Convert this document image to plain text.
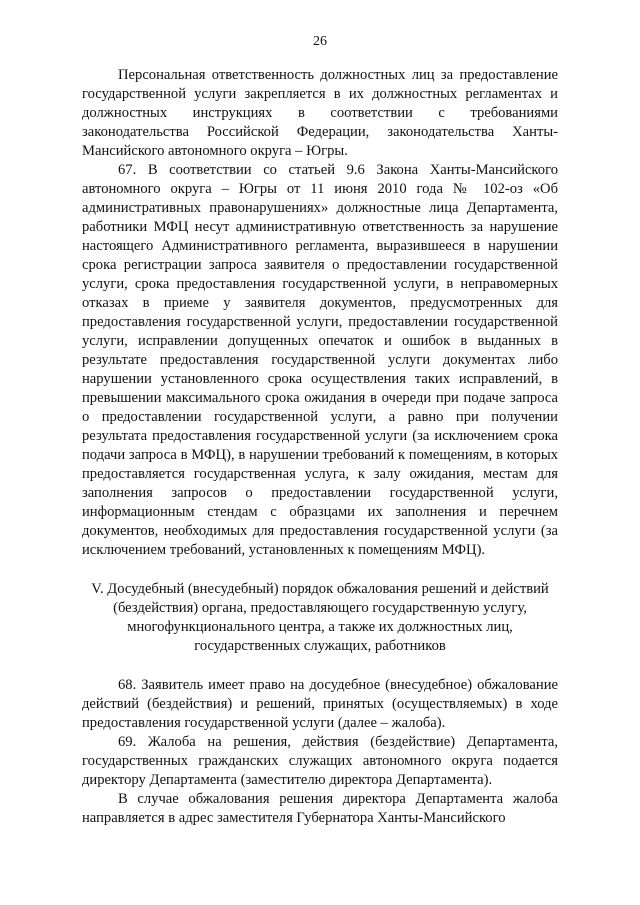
26

Персональная ответственность должностных лиц за предоставление государственной услуги закрепляется в их должностных регламентах и должностных инструкциях в соответствии с требованиями законодательства Российской Федерации, законодательства Ханты-Мансийского автономного округа – Югры.

67. В соответствии со статьей 9.6 Закона Ханты-Мансийского автономного округа – Югры от 11 июня 2010 года № 102-оз «Об административных правонарушениях» должностные лица Департамента, работники МФЦ несут административную ответственность за нарушение настоящего Административного регламента, выразившееся в нарушении срока регистрации запроса заявителя о предоставлении государственной услуги, срока предоставления государственной услуги, в неправомерных отказах в приеме у заявителя документов, предусмотренных для предоставления государственной услуги, предоставлении государственной услуги, исправлении допущенных опечаток и ошибок в выданных в результате предоставления государственной услуги документах либо нарушении установленного срока осуществления таких исправлений, в превышении максимального срока ожидания в очереди при подаче запроса о предоставлении государственной услуги, а равно при получении результата предоставления государственной услуги (за исключением срока подачи запроса в МФЦ), в нарушении требований к помещениям, в которых предоставляется государственная услуга, к залу ожидания, местам для заполнения запросов о предоставлении государственной услуги, информационным стендам с образцами их заполнения и перечнем документов, необходимых для предоставления государственной услуги (за исключением требований, установленных к помещениям МФЦ).

V. Досудебный (внесудебный) порядок обжалования решений и действий (бездействия) органа, предоставляющего государственную услугу, многофункционального центра, а также их должностных лиц, государственных служащих, работников

68. Заявитель имеет право на досудебное (внесудебное) обжалование действий (бездействия) и решений, принятых (осуществляемых) в ходе предоставления государственной услуги (далее – жалоба).

69. Жалоба на решения, действия (бездействие) Департамента, государственных гражданских служащих автономного округа подается директору Департамента (заместителю директора Департамента).

В случае обжалования решения директора Департамента жалоба направляется в адрес заместителя Губернатора Ханты-Мансийского
